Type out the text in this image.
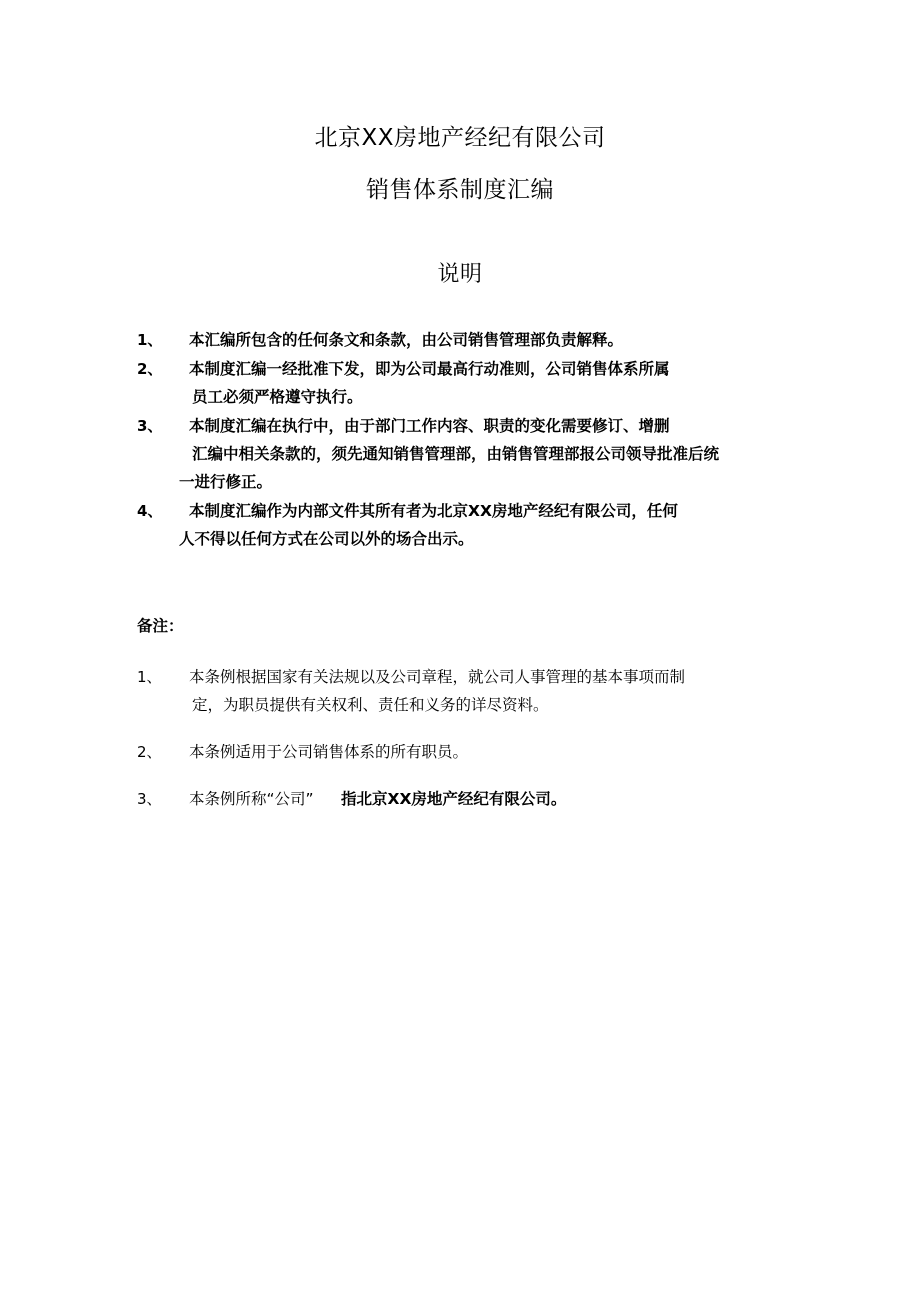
北京XX房地产经纪有限公司
销售体系制度汇编
说明
1、 本汇编所包含的任何条文和条款，由公司销售管理部负责解释。
2、 本制度汇编一经批准下发，即为公司最高行动准则，公司销售体系所属
员工必须严格遵守执行。
3、 本制度汇编在执行中，由于部门工作内容、职责的变化需要修订、增删
汇编中相关条款的，须先通知销售管理部，由销售管理部报公司领导批准后统
一进行修正。
4、 本制度汇编作为内部文件其所有者为北京XX房地产经纪有限公司，任何
人不得以任何方式在公司以外的场合出示。
备注：
1、 本条例根据国家有关法规以及公司章程，就公司人事管理的基本事项而制
定，为职员提供有关权利、责任和义务的详尽资料。
2、 本条例适用于公司销售体系的所有职员。
3、 本条例所称“公司” 指北京XX房地产经纪有限公司。
